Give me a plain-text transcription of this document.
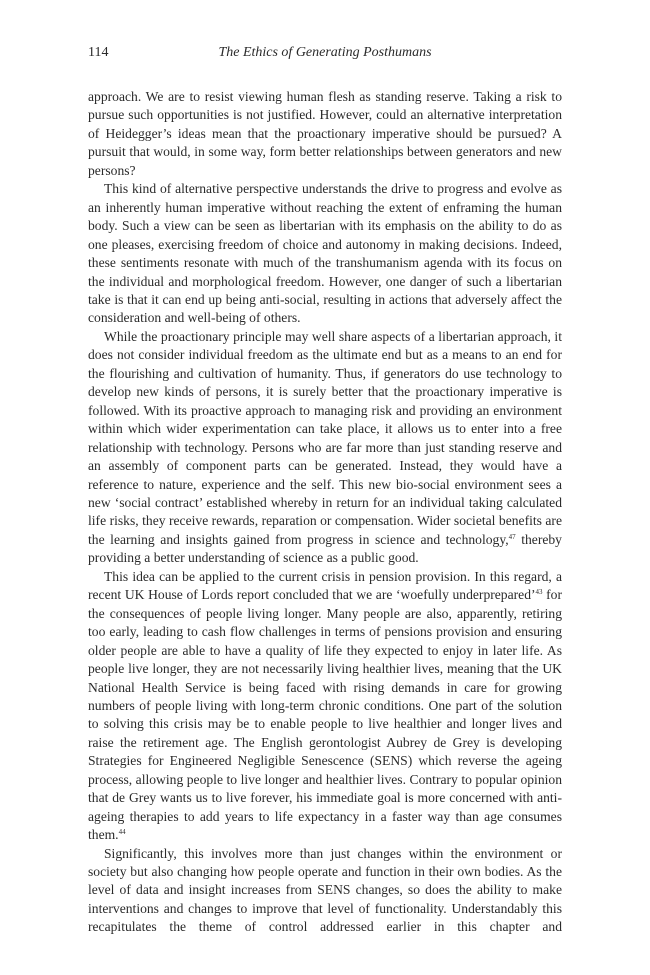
114	The Ethics of Generating Posthumans

approach. We are to resist viewing human flesh as standing reserve. Taking a risk to pursue such opportunities is not justified. However, could an alternative interpretation of Heidegger’s ideas mean that the proactionary imperative should be pursued? A pursuit that would, in some way, form better relationships between generators and new persons?

This kind of alternative perspective understands the drive to progress and evolve as an inherently human imperative without reaching the extent of enframing the human body. Such a view can be seen as libertarian with its emphasis on the ability to do as one pleases, exercising freedom of choice and autonomy in making decisions. Indeed, these sentiments resonate with much of the transhumanism agenda with its focus on the individual and morphological freedom. However, one danger of such a libertarian take is that it can end up being anti-social, resulting in actions that adversely affect the consideration and well-being of others.

While the proactionary principle may well share aspects of a libertarian approach, it does not consider individual freedom as the ultimate end but as a means to an end for the flourishing and cultivation of humanity. Thus, if generators do use technology to develop new kinds of persons, it is surely better that the proactionary imperative is followed. With its proactive approach to managing risk and providing an environment within which wider experimentation can take place, it allows us to enter into a free relationship with technology. Persons who are far more than just standing reserve and an assembly of component parts can be generated. Instead, they would have a reference to nature, experience and the self. This new bio-social environment sees a new ‘social contract’ established whereby in return for an individual taking calculated life risks, they receive rewards, reparation or compensation. Wider societal benefits are the learning and insights gained from progress in science and technology,$^{47}$ thereby providing a better understanding of science as a public good.

This idea can be applied to the current crisis in pension provision. In this regard, a recent UK House of Lords report concluded that we are ‘woefully underprepared’$^{43}$ for the consequences of people living longer. Many people are also, apparently, retiring too early, leading to cash flow challenges in terms of pensions provision and ensuring older people are able to have a quality of life they expected to enjoy in later life. As people live longer, they are not necessarily living healthier lives, meaning that the UK National Health Service is being faced with rising demands in care for growing numbers of people living with long-term chronic conditions. One part of the solution to solving this crisis may be to enable people to live healthier and longer lives and raise the retirement age. The English gerontologist Aubrey de Grey is developing Strategies for Engineered Negligible Senescence (SENS) which reverse the ageing process, allowing people to live longer and healthier lives. Contrary to popular opinion that de Grey wants us to live forever, his immediate goal is more concerned with anti-ageing therapies to add years to life expectancy in a faster way than age consumes them.$^{44}$

Significantly, this involves more than just changes within the environment or society but also changing how people operate and function in their own bodies. As the level of data and insight increases from SENS changes, so does the ability to make interventions and changes to improve that level of functionality. Understandably this recapitulates the theme of control addressed earlier in this chapter and
